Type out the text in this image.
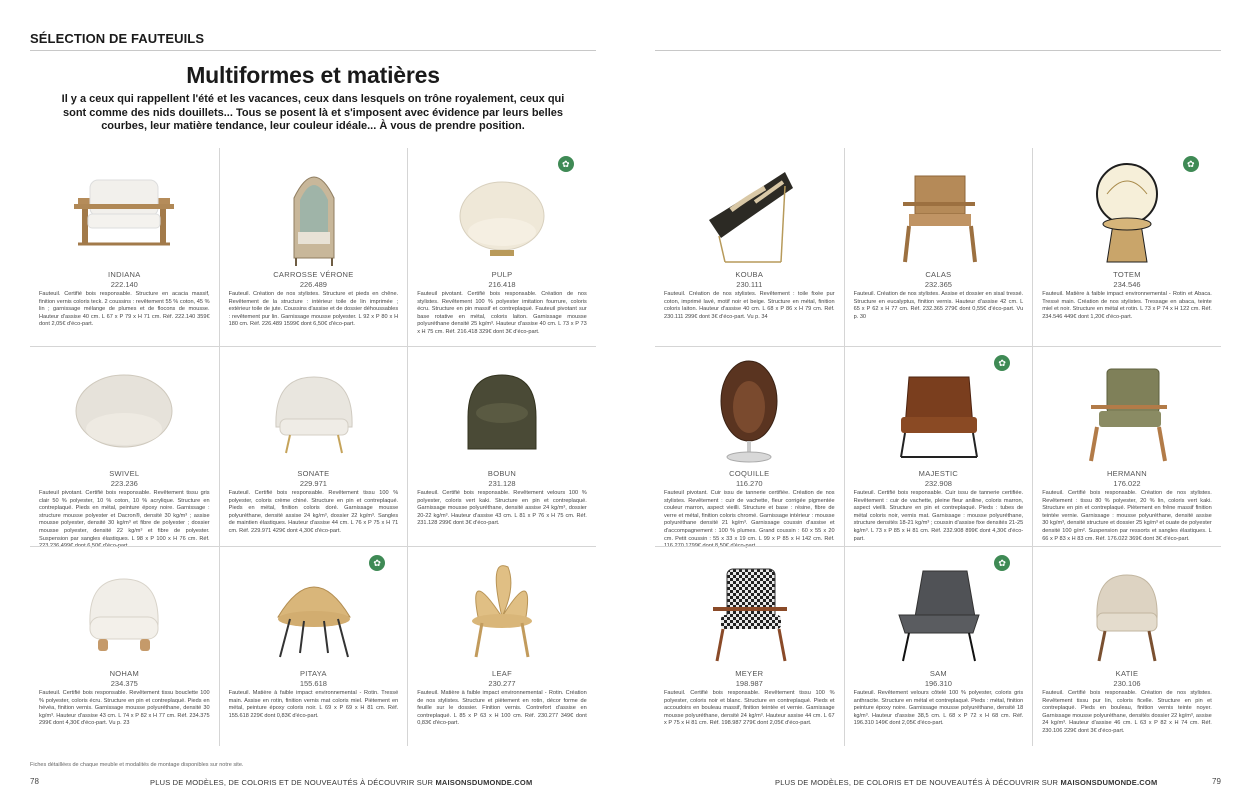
SÉLECTION DE FAUTEUILS
Multiformes et matières
Il y a ceux qui rappellent l'été et les vacances, ceux dans lesquels on trône royalement, ceux qui sont comme des nids douillets... Tous se posent là et s'imposent avec évidence par leurs belles courbes, leur matière tendance, leur couleur idéale... À vous de prendre position.
INDIANA
222.140
Fauteuil. Certifié bois responsable. Structure en acacia massif, finition vernis coloris teck. 2 coussins : revêtement 55 % coton, 45 % lin ; garnissage mélange de plumes et de flocons de mousse. Hauteur d'assise 40 cm. L 67 x P 79 x H 71 cm. Réf. 222.140 359€ dont 2,05€ d'éco-part.
CARROSSE VÉRONE
226.489
Fauteuil. Création de nos stylistes. Structure et pieds en chêne. Revêtement de la structure : intérieur toile de lin imprimée ; extérieur toile de jute. Coussins d'assise et de dossier déhoussables : revêtement pur lin. Garnissage mousse polyester. L 92 x P 80 x H 180 cm. Réf. 226.489 1599€ dont 6,50€ d'éco-part.
✿
PULP
216.418
Fauteuil pivotant. Certifié bois responsable. Création de nos stylistes. Revêtement 100 % polyester imitation fourrure, coloris écru. Structure en pin massif et contreplaqué. Fauteuil pivotant sur base rotative en métal, coloris laiton. Garnissage mousse polyuréthane densité 25 kg/m³. Hauteur d'assise 40 cm. L 73 x P 73 x H 75 cm. Réf. 216.418 329€ dont 3€ d'éco-part.
SWIVEL
223.236
Fauteuil pivotant. Certifié bois responsable. Revêtement tissu gris clair 50 % polyester, 10 % coton, 10 % acrylique. Structure en contreplaqué. Pieds en métal, peinture époxy noire. Garnissage : structure mousse polyester et Dacron®, densité 30 kg/m³ ; assise mousse polyester, densité 30 kg/m³ et fibre de polyester ; dossier mousse polyester, densité 22 kg/m³ et fibre de polyester. Suspension par sangles élastiques. L 98 x P 100 x H 76 cm. Réf. 223.236 499€ dont 6,50€ d'éco-part.
SONATE
229.971
Fauteuil. Certifié bois responsable. Revêtement tissu 100 % polyester, coloris crème chiné. Structure en pin et contreplaqué. Pieds en métal, finition coloris doré. Garnissage mousse polyuréthane, densité assise 24 kg/m³, dossier 22 kg/m³. Sangles de maintien élastiques. Hauteur d'assise 44 cm. L 76 x P 75 x H 71 cm. Réf. 229.971 429€ dont 4,30€ d'éco-part.
BOBUN
231.128
Fauteuil. Certifié bois responsable. Revêtement velours 100 % polyester, coloris vert kaki. Structure en pin et contreplaqué. Garnissage mousse polyuréthane, densité assise 24 kg/m³, dossier 20-22 kg/m³. Hauteur d'assise 43 cm. L 81 x P 76 x H 75 cm. Réf. 231.128 299€ dont 3€ d'éco-part.
NOHAM
234.375
Fauteuil. Certifié bois responsable. Revêtement tissu bouclette 100 % polyester, coloris écru. Structure en pin et contreplaqué. Pieds en hévéa, finition vernis. Garnissage mousse polyuréthane, densité 30 kg/m³. Hauteur d'assise 43 cm. L 74 x P 82 x H 77 cm. Réf. 234.375 299€ dont 4,30€ d'éco-part. Vu p. 23
✿
PITAYA
155.618
Fauteuil. Matière à faible impact environnemental - Rotin. Tressé main. Assise en rotin, finition vernis mat coloris miel. Piètement en métal, peinture époxy coloris noir. L 69 x P 69 x H 81 cm. Réf. 155.618 229€ dont 0,83€ d'éco-part.
LEAF
230.277
Fauteuil. Matière à faible impact environnemental - Rotin. Création de nos stylistes. Structure et piètement en rotin, décor forme de feuille sur le dossier. Finition vernis. Contrefort d'assise en contreplaqué. L 85 x P 63 x H 100 cm. Réf. 230.277 349€ dont 0,83€ d'éco-part.
Fiches détaillées de chaque meuble et modalités de montage disponibles sur notre site.
78	PLUS DE MODÈLES, DE COLORIS ET DE NOUVEAUTÉS À DÉCOUVRIR SUR MAISONSDUMONDE.COM
KOUBA
230.111
Fauteuil. Création de nos stylistes. Revêtement : toile fixée pur coton, imprimé lavé, motif noir et beige. Structure en métal, finition coloris laiton. Hauteur d'assise 40 cm. L 68 x P 86 x H 79 cm. Réf. 230.111 299€ dont 3€ d'éco-part. Vu p. 34
CALAS
232.365
Fauteuil. Création de nos stylistes. Assise et dossier en sisal tressé. Structure en eucalyptus, finition vernis. Hauteur d'assise 42 cm. L 65 x P 62 x H 77 cm. Réf. 232.365 279€ dont 0,55€ d'éco-part. Vu p. 30
✿
TOTEM
234.546
Fauteuil. Matière à faible impact environnemental - Rotin et Abaca. Tressé main. Création de nos stylistes. Tressage en abaca, teinte miel et noir. Structure en métal et rotin. L 73 x P 74 x H 122 cm. Réf. 234.546 449€ dont 1,20€ d'éco-part.
COQUILLE
116.270
Fauteuil pivotant. Cuir issu de tannerie certifiée. Création de nos stylistes. Revêtement : cuir de vachette, fleur corrigée pigmentée couleur marron, aspect vieilli. Structure et base : résine, fibre de verre et métal, finition coloris chromé. Garnissage intérieur : mousse polyuréthane densité 21 kg/m³. Garnissage coussin d'assise et d'accompagnement : 100 % plumes. Grand coussin : 60 x 55 x 20 cm. Petit coussin : 55 x 33 x 19 cm. L 99 x P 85 x H 142 cm. Réf. 116.270 1799€ dont 8,50€ d'éco-part.
✿
MAJESTIC
232.908
Fauteuil. Certifié bois responsable. Cuir issu de tannerie certifiée. Revêtement : cuir de vachette, pleine fleur aniline, coloris marron, aspect vieilli. Structure en pin et contreplaqué. Pieds : tubes de métal coloris noir, vernis mat. Garnissage : mousse polyuréthane, structure densités 18-21 kg/m³ ; coussin d'assise fixe densités 21-25 kg/m³. L 73 x P 85 x H 81 cm. Réf. 232.908 899€ dont 4,30€ d'éco-part.
HERMANN
176.022
Fauteuil. Certifié bois responsable. Création de nos stylistes. Revêtement : tissu 80 % polyester, 20 % lin, coloris vert kaki. Structure en pin et contreplaqué. Piètement en frêne massif finition teintée vernie. Garnissage : mousse polyuréthane, densité assise 30 kg/m³, densité structure et dossier 25 kg/m³ et ouate de polyester densité 100 g/m². Suspension par ressorts et sangles élastiques. L 66 x P 83 x H 83 cm. Réf. 176.022 369€ dont 3€ d'éco-part.
MEYER
198.987
Fauteuil. Certifié bois responsable. Revêtement tissu 100 % polyester, coloris noir et blanc. Structure en contreplaqué. Pieds et accoudoirs en bouleau massif, finition teintée et vernie. Garnissage mousse polyuréthane, densité 24 kg/m³. Hauteur assise 44 cm. L 67 x P 75 x H 81 cm. Réf. 198.987 279€ dont 2,05€ d'éco-part.
✿
SAM
196.310
Fauteuil. Revêtement velours côtelé 100 % polyester, coloris gris anthracite. Structure en métal et contreplaqué. Pieds : métal, finition peinture époxy noire. Garnissage mousse polyuréthane, densité 18 kg/m³. Hauteur d'assise 38,5 cm. L 68 x P 72 x H 68 cm. Réf. 196.310 149€ dont 2,05€ d'éco-part.
KATIE
230.106
Fauteuil. Certifié bois responsable. Création de nos stylistes. Revêtement tissu pur lin, coloris ficelle. Structure en pin et contreplaqué. Pieds en bouleau, finition vernis teinte noyer. Garnissage mousse polyuréthane, densités dossier 22 kg/m³, assise 24 kg/m³. Hauteur d'assise 46 cm. L 63 x P 82 x H 74 cm. Réf. 230.106 229€ dont 3€ d'éco-part.
PLUS DE MODÈLES, DE COLORIS ET DE NOUVEAUTÉS À DÉCOUVRIR SUR MAISONSDUMONDE.COM	79
